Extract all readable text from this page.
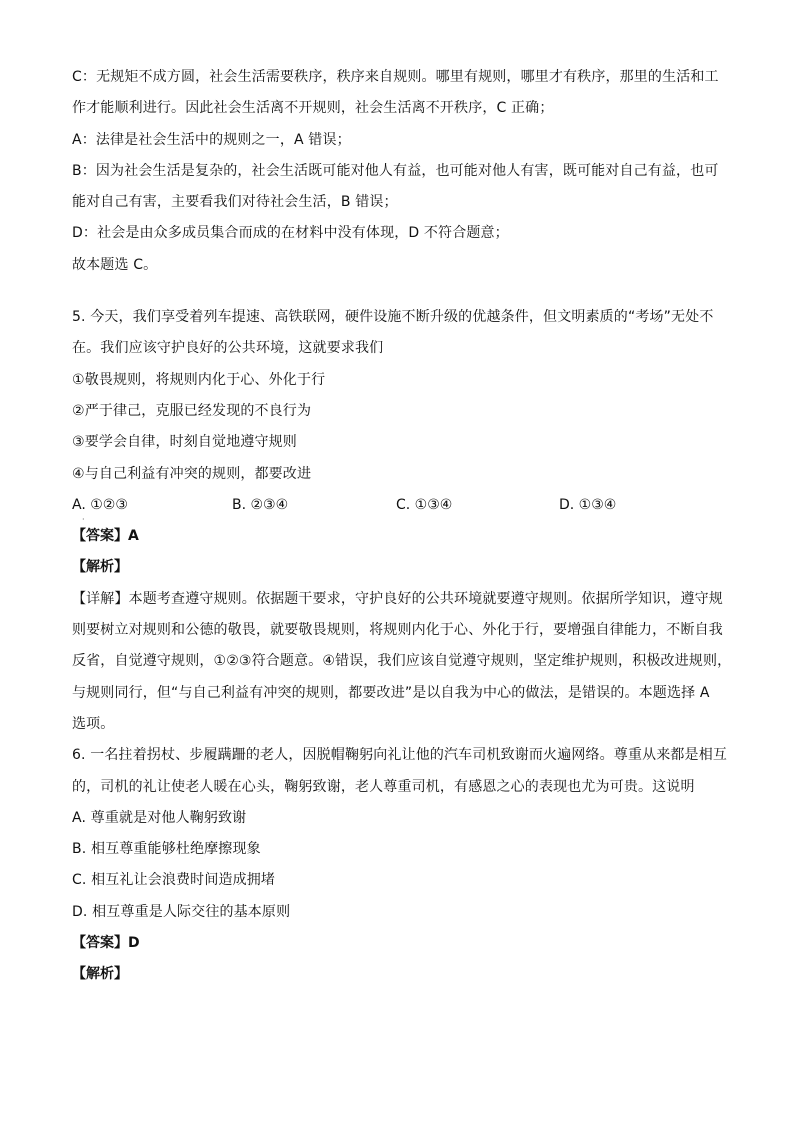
C：无规矩不成方圆，社会生活需要秩序，秩序来自规则。哪里有规则，哪里才有秩序，那里的生活和工
作才能顺利进行。因此社会生活离不开规则，社会生活离不开秩序，C 正确；
A：法律是社会生活中的规则之一，A 错误；
B：因为社会生活是复杂的，社会生活既可能对他人有益，也可能对他人有害，既可能对自己有益，也可
能对自己有害，主要看我们对待社会生活，B 错误；
D：社会是由众多成员集合而成的在材料中没有体现，D 不符合题意；
故本题选 C。
5. 今天，我们享受着列车提速、高铁联网，硬件设施不断升级的优越条件，但文明素质的“考场”无处不
在。我们应该守护良好的公共环境，这就要求我们
①敬畏规则，将规则内化于心、外化于行
②严于律己，克服已经发现的不良行为
③要学会自律，时刻自觉地遵守规则
④与自己利益有冲突的规则，都要改进
A. ①②③	B. ②③④	C. ①③④	D. ①③④
·
【答案】A
【解析】
【详解】本题考查遵守规则。依据题干要求，守护良好的公共环境就要遵守规则。依据所学知识，遵守规
则要树立对规则和公德的敬畏，就要敬畏规则，将规则内化于心、外化于行，要增强自律能力，不断自我
反省，自觉遵守规则，①②③符合题意。④错误，我们应该自觉遵守规则，坚定维护规则，积极改进规则，
与规则同行，但“与自己利益有冲突的规则，都要改进”是以自我为中心的做法，是错误的。本题选择 A
选项。
6. 一名拄着拐杖、步履蹒跚的老人，因脱帽鞠躬向礼让他的汽车司机致谢而火遍网络。尊重从来都是相互
的，司机的礼让使老人暖在心头，鞠躬致谢，老人尊重司机，有感恩之心的表现也尤为可贵。这说明
A. 尊重就是对他人鞠躬致谢
B. 相互尊重能够杜绝摩擦现象
C. 相互礼让会浪费时间造成拥堵
D. 相互尊重是人际交往的基本原则
【答案】D
【解析】
